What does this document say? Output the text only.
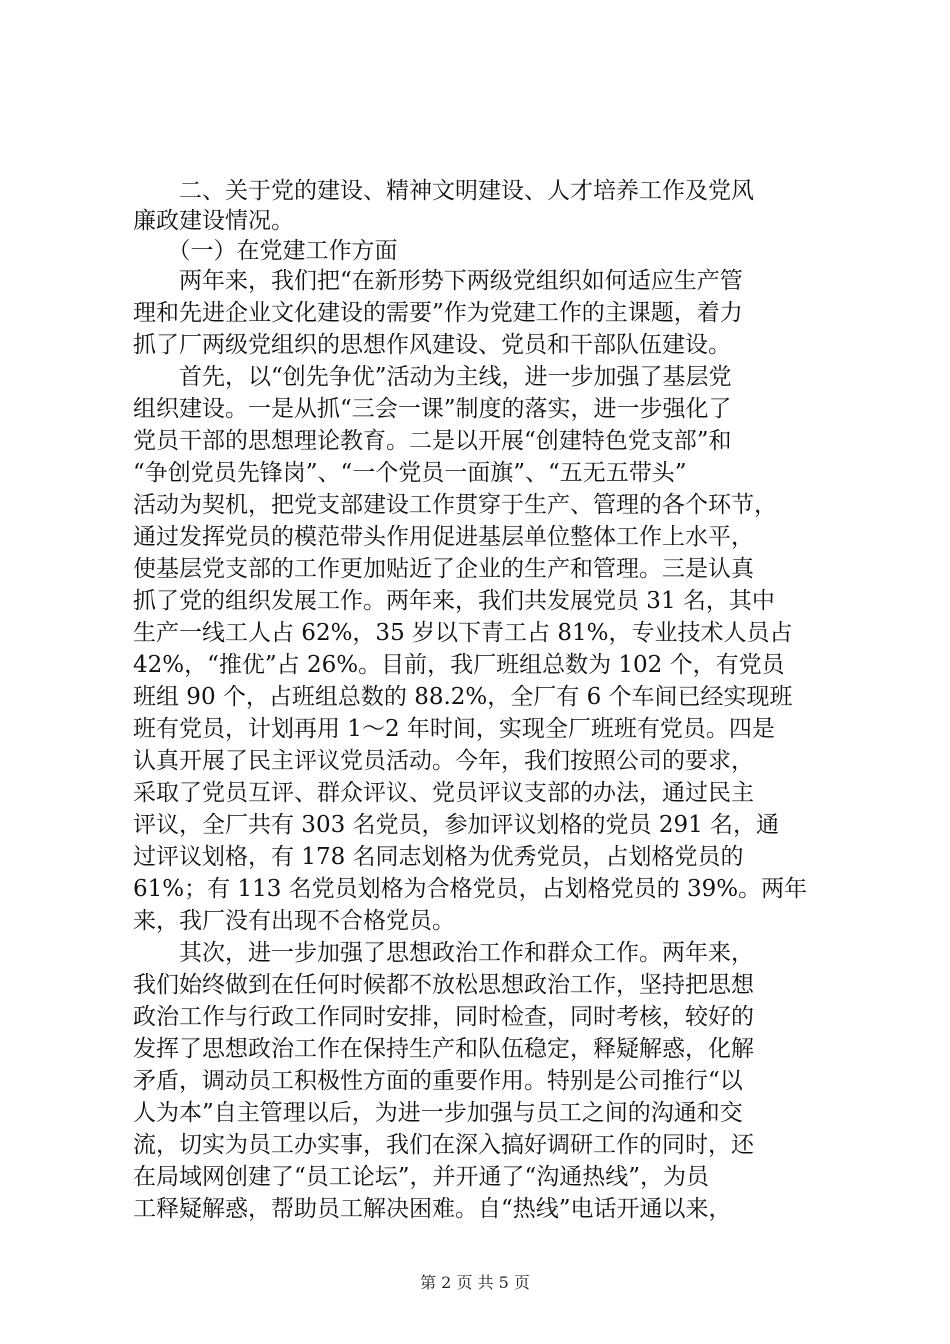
　　二、关于党的建设、精神文明建设、人才培养工作及党风
廉政建设情况。
　　（一）在党建工作方面
　　两年来，我们把“在新形势下两级党组织如何适应生产管
理和先进企业文化建设的需要”作为党建工作的主课题，着力
抓了厂两级党组织的思想作风建设、党员和干部队伍建设。
　　首先，以“创先争优”活动为主线，进一步加强了基层党
组织建设。一是从抓“三会一课”制度的落实，进一步强化了
党员干部的思想理论教育。二是以开展“创建特色党支部”和
“争创党员先锋岗”、“一个党员一面旗”、“五无五带头”
活动为契机，把党支部建设工作贯穿于生产、管理的各个环节，
通过发挥党员的模范带头作用促进基层单位整体工作上水平，
使基层党支部的工作更加贴近了企业的生产和管理。三是认真
抓了党的组织发展工作。两年来，我们共发展党员 31 名，其中
生产一线工人占 62%，35 岁以下青工占 81%，专业技术人员占
42%，“推优”占 26%。目前，我厂班组总数为 102 个，有党员
班组 90 个，占班组总数的 88.2%，全厂有 6 个车间已经实现班
班有党员，计划再用 1～2 年时间，实现全厂班班有党员。四是
认真开展了民主评议党员活动。今年，我们按照公司的要求，
采取了党员互评、群众评议、党员评议支部的办法，通过民主
评议，全厂共有 303 名党员，参加评议划格的党员 291 名，通
过评议划格，有 178 名同志划格为优秀党员，占划格党员的
61%；有 113 名党员划格为合格党员，占划格党员的 39%。两年
来，我厂没有出现不合格党员。
　　其次，进一步加强了思想政治工作和群众工作。两年来，
我们始终做到在任何时候都不放松思想政治工作，坚持把思想
政治工作与行政工作同时安排，同时检查，同时考核，较好的
发挥了思想政治工作在保持生产和队伍稳定，释疑解惑，化解
矛盾，调动员工积极性方面的重要作用。特别是公司推行“以
人为本”自主管理以后，为进一步加强与员工之间的沟通和交
流，切实为员工办实事，我们在深入搞好调研工作的同时，还
在局域网创建了“员工论坛”，并开通了“沟通热线”，为员
工释疑解惑，帮助员工解决困难。自“热线”电话开通以来，
第 2 页 共 5 页
